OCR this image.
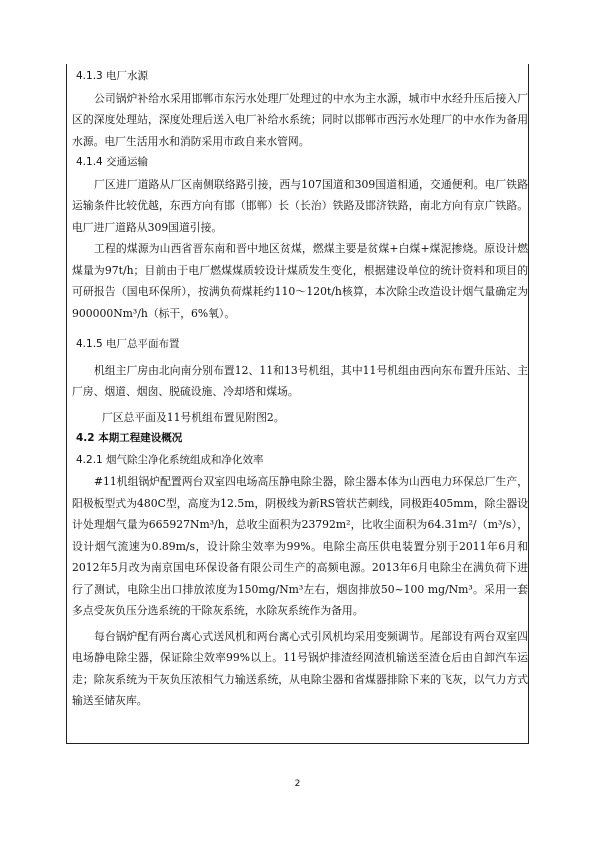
4.1.3 电厂水源

公司锅炉补给水采用邯郸市东污水处理厂处理过的中水为主水源，城市中水经升压后接入厂区的深度处理站，深度处理后送入电厂补给水系统；同时以邯郸市西污水处理厂的中水作为备用水源。电厂生活用水和消防采用市政自来水管网。

4.1.4 交通运输

厂区进厂道路从厂区南侧联络路引接，西与107国道和309国道相通，交通便利。电厂铁路运输条件比较优越，东西方向有邯（邯郸）长（长治）铁路及邯济铁路，南北方向有京广铁路。电厂进厂道路从309国道引接。

工程的煤源为山西省晋东南和晋中地区贫煤，燃煤主要是贫煤+白煤+煤泥掺烧。原设计燃煤量为97t/h；目前由于电厂燃煤煤质较设计煤质发生变化，根据建设单位的统计资料和项目的可研报告（国电环保所），按满负荷煤耗约110～120t/h核算，本次除尘改造设计烟气量确定为900000Nm³/h（标干，6%氧）。

4.1.5 电厂总平面布置

机组主厂房由北向南分别布置12、11和13号机组，其中11号机组由西向东布置升压站、主厂房、烟道、烟囱、脱硫设施、冷却塔和煤场。

厂区总平面及11号机组布置见附图2。

4.2 本期工程建设概况
4.2.1 烟气除尘净化系统组成和净化效率

#11机组锅炉配置两台双室四电场高压静电除尘器，除尘器本体为山西电力环保总厂生产，阳极板型式为480C型，高度为12.5m，阴极线为新RS管状芒刺线，同极距405mm，除尘器设计处理烟气量为665927Nm³/h，总收尘面积为23792m²，比收尘面积为64.31m²/（m³/s），设计烟气流速为0.89m/s，设计除尘效率为99%。电除尘高压供电装置分别于2011年6月和2012年5月改为南京国电环保设备有限公司生产的高频电源。2013年6月电除尘在满负荷下进行了测试，电除尘出口排放浓度为150mg/Nm³左右，烟囱排放50~100 mg/Nm³。采用一套多点受灰负压分选系统的干除灰系统，水除灰系统作为备用。

每台锅炉配有两台离心式送风机和两台离心式引风机均采用变频调节。尾部设有两台双室四电场静电除尘器，保证除尘效率99%以上。11号锅炉排渣经网渣机输送至渣仓后由自卸汽车运走；除灰系统为干灰负压浓相气力输送系统，从电除尘器和省煤器排除下来的飞灰，以气力方式输送至储灰库。

2
